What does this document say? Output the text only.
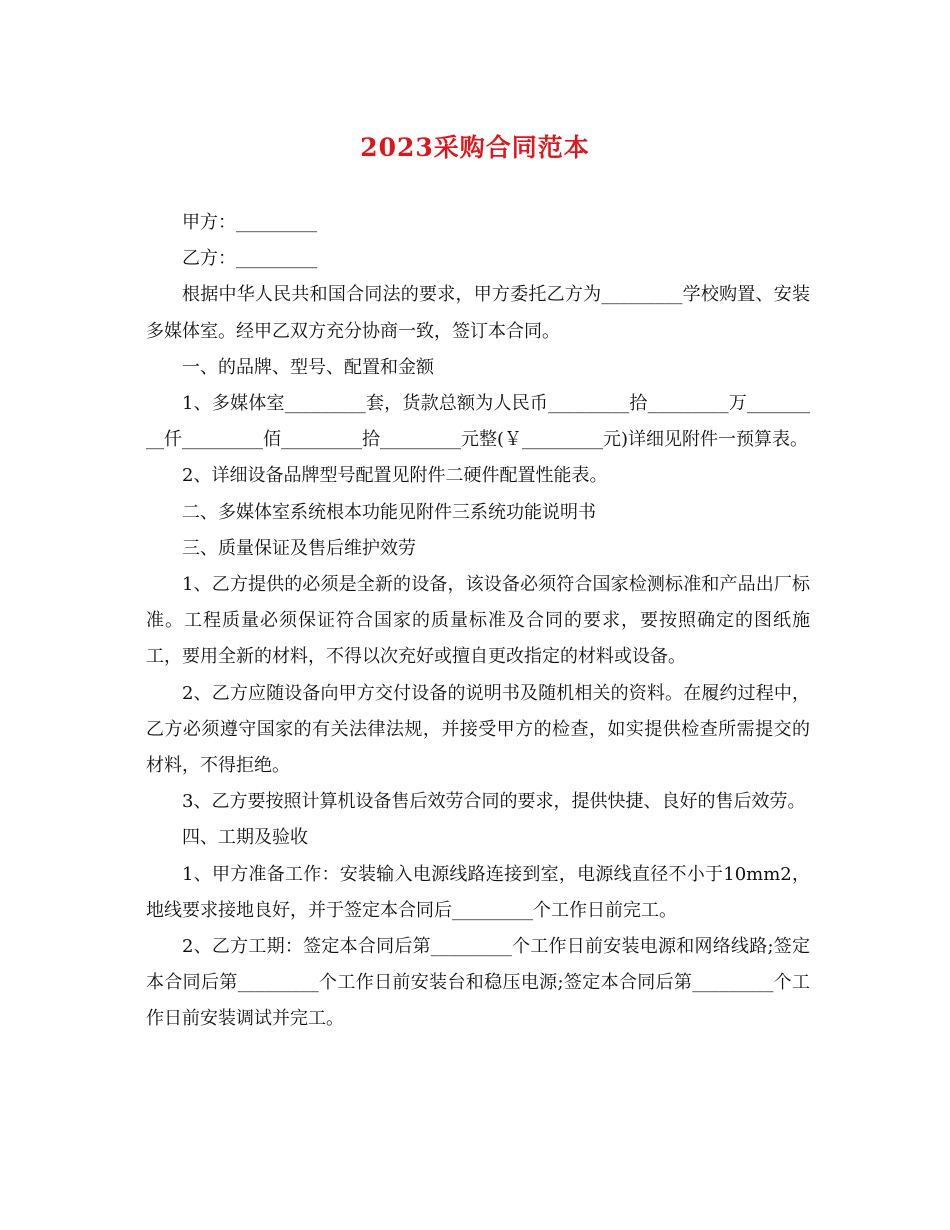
2023采购合同范本

甲方：_________

乙方：_________

根据中华人民共和国合同法的要求，甲方委托乙方为_________学校购置、安装多媒体室。经甲乙双方充分协商一致，签订本合同。

一、的品牌、型号、配置和金额

1、多媒体室_________套，货款总额为人民币_________拾_________万_________仟_________佰_________拾_________元整(￥_________元)详细见附件一预算表。

2、详细设备品牌型号配置见附件二硬件配置性能表。

二、多媒体室系统根本功能见附件三系统功能说明书

三、质量保证及售后维护效劳

1、乙方提供的必须是全新的设备，该设备必须符合国家检测标准和产品出厂标准。工程质量必须保证符合国家的质量标准及合同的要求，要按照确定的图纸施工，要用全新的材料，不得以次充好或擅自更改指定的材料或设备。

2、乙方应随设备向甲方交付设备的说明书及随机相关的资料。在履约过程中，乙方必须遵守国家的有关法律法规，并接受甲方的检查，如实提供检查所需提交的材料，不得拒绝。

3、乙方要按照计算机设备售后效劳合同的要求，提供快捷、良好的售后效劳。

四、工期及验收

1、甲方准备工作：安装输入电源线路连接到室，电源线直径不小于10mm2，地线要求接地良好，并于签定本合同后_________个工作日前完工。

2、乙方工期：签定本合同后第_________个工作日前安装电源和网络线路;签定本合同后第_________个工作日前安装台和稳压电源;签定本合同后第_________个工作日前安装调试并完工。
